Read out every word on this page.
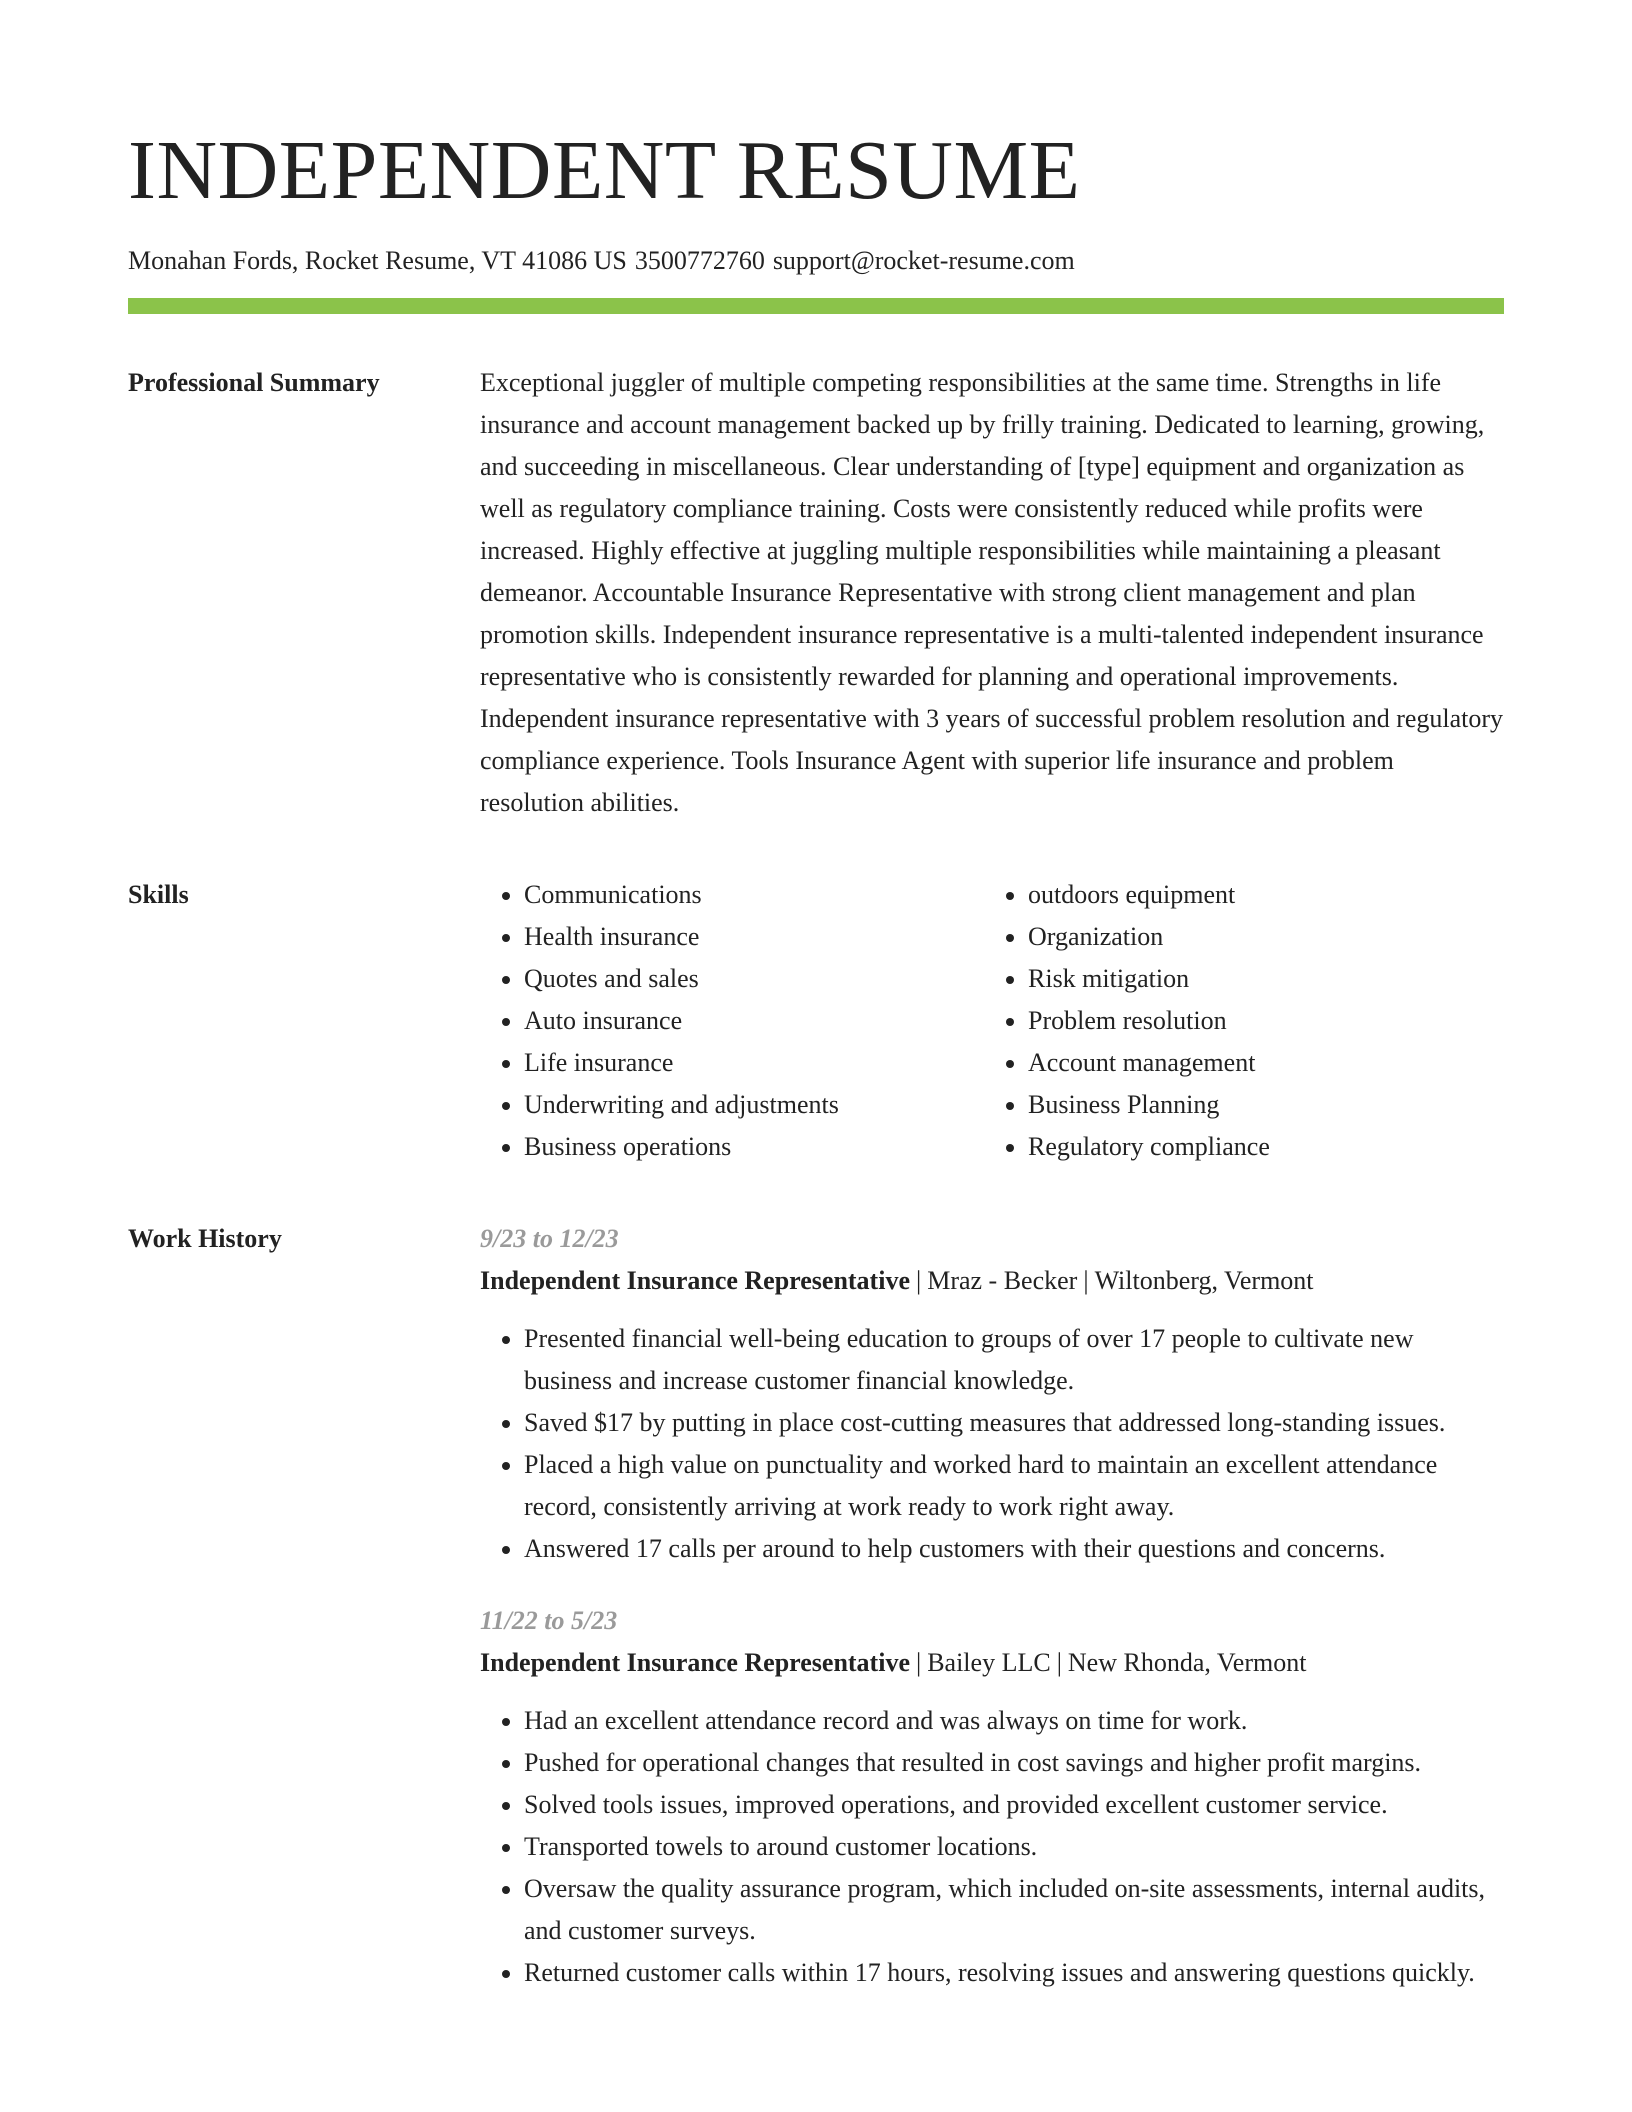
INDEPENDENT RESUME
Monahan Fords, Rocket Resume, VT 41086 US 3500772760 support@rocket-resume.com
Professional Summary	Exceptional juggler of multiple competing responsibilities at the same time. Strengths in life insurance and account management backed up by frilly training. Dedicated to learning, growing, and succeeding in miscellaneous. Clear understanding of [type] equipment and organization as well as regulatory compliance training. Costs were consistently reduced while profits were increased. Highly effective at juggling multiple responsibilities while maintaining a pleasant demeanor. Accountable Insurance Representative with strong client management and plan promotion skills. Independent insurance representative is a multi-talented independent insurance representative who is consistently rewarded for planning and operational improvements. Independent insurance representative with 3 years of successful problem resolution and regulatory compliance experience. Tools Insurance Agent with superior life insurance and problem resolution abilities.

Skills
•	Communications
• Health insurance
• Quotes and sales
• Auto insurance
• Life insurance
• Underwriting and adjustments
• Business operations
• outdoors equipment
• Organization
• Risk mitigation
• Problem resolution
• Account management
• Business Planning
• Regulatory compliance
Work History	9/23 to 12/23
Independent Insurance Representative | Mraz - Becker | Wiltonberg, Vermont
• Presented financial well-being education to groups of over 17 people to cultivate new business and increase customer financial knowledge.
• Saved $17 by putting in place cost-cutting measures that addressed long-standing issues.
• Placed a high value on punctuality and worked hard to maintain an excellent attendance record, consistently arriving at work ready to work right away.
• Answered 17 calls per around to help customers with their questions and concerns.
11/22 to 5/23
Independent Insurance Representative | Bailey LLC | New Rhonda, Vermont
• Had an excellent attendance record and was always on time for work.
• Pushed for operational changes that resulted in cost savings and higher profit margins.
• Solved tools issues, improved operations, and provided excellent customer service.
• Transported towels to around customer locations.
• Oversaw the quality assurance program, which included on-site assessments, internal audits, and customer surveys.
• Returned customer calls within 17 hours, resolving issues and answering questions quickly.
